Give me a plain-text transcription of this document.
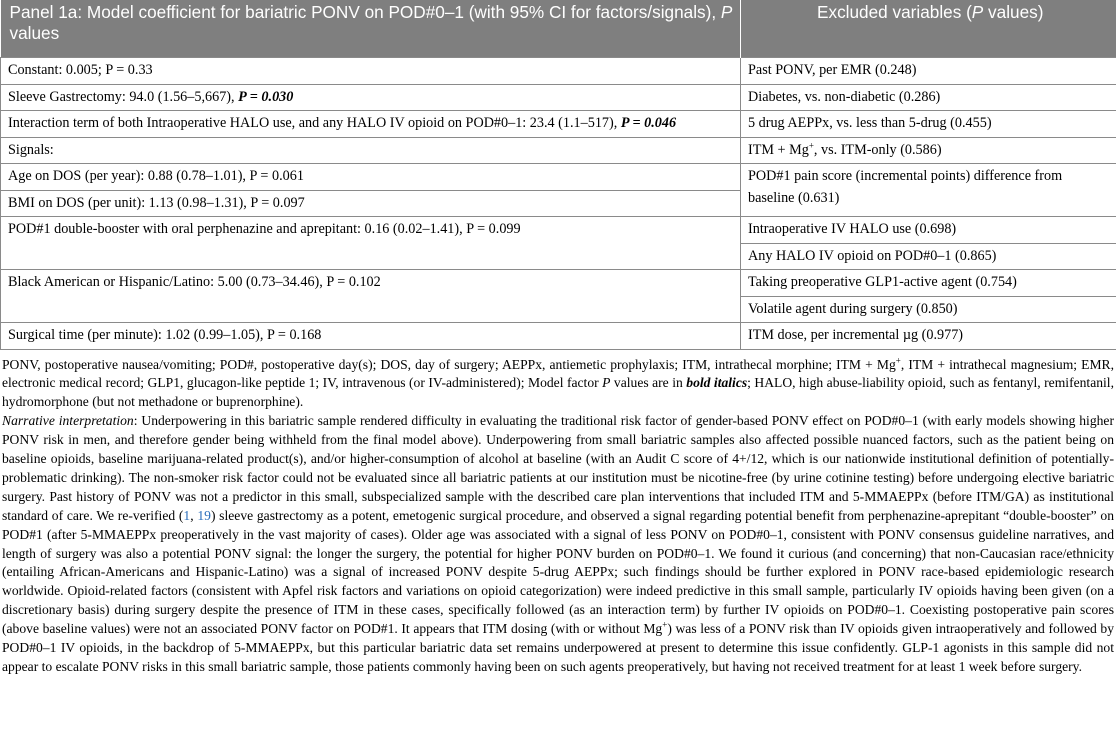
Panel 1a: Model coefficient for bariatric PONV on POD#0–1 (with 95% CI for factors/signals), P values	Excluded variables (P values)
Constant: 0.005; P = 0.33	Past PONV, per EMR (0.248)
Sleeve Gastrectomy: 94.0 (1.56–5,667), P = 0.030	Diabetes, vs. non-diabetic (0.286)
Interaction term of both Intraoperative HALO use, and any HALO IV opioid on POD#0–1: 23.4 (1.1–517), P = 0.046	5 drug AEPPx, vs. less than 5-drug (0.455)
Signals:	ITM + Mg+, vs. ITM-only (0.586)
Age on DOS (per year): 0.88 (0.78–1.01), P = 0.061	POD#1 pain score (incremental points) difference from baseline (0.631)
BMI on DOS (per unit): 1.13 (0.98–1.31), P = 0.097	
POD#1 double-booster with oral perphenazine and aprepitant: 0.16 (0.02–1.41), P = 0.099	Intraoperative IV HALO use (0.698)
	Any HALO IV opioid on POD#0–1 (0.865)
Black American or Hispanic/Latino: 5.00 (0.73–34.46), P = 0.102	Taking preoperative GLP1-active agent (0.754)
	Volatile agent during surgery (0.850)
Surgical time (per minute): 1.02 (0.99–1.05), P = 0.168	ITM dose, per incremental µg (0.977)

PONV, postoperative nausea/vomiting; POD#, postoperative day(s); DOS, day of surgery; AEPPx, antiemetic prophylaxis; ITM, intrathecal morphine; ITM + Mg+, ITM + intrathecal magnesium; EMR, electronic medical record; GLP1, glucagon-like peptide 1; IV, intravenous (or IV-administered); Model factor P values are in bold italics; HALO, high abuse-liability opioid, such as fentanyl, remifentanil, hydromorphone (but not methadone or buprenorphine).

Narrative interpretation: Underpowering in this bariatric sample rendered difficulty in evaluating the traditional risk factor of gender-based PONV effect on POD#0–1 (with early models showing higher PONV risk in men, and therefore gender being withheld from the final model above). Underpowering from small bariatric samples also affected possible nuanced factors, such as the patient being on baseline opioids, baseline marijuana-related product(s), and/or higher-consumption of alcohol at baseline (with an Audit C score of 4+/12, which is our nationwide institutional definition of potentially-problematic drinking). The non-smoker risk factor could not be evaluated since all bariatric patients at our institution must be nicotine-free (by urine cotinine testing) before undergoing elective bariatric surgery. Past history of PONV was not a predictor in this small, subspecialized sample with the described care plan interventions that included ITM and 5-MMAEPPx (before ITM/GA) as institutional standard of care. We re-verified (1, 19) sleeve gastrectomy as a potent, emetogenic surgical procedure, and observed a signal regarding potential benefit from perphenazine-aprepitant “double-booster” on POD#1 (after 5-MMAEPPx preoperatively in the vast majority of cases). Older age was associated with a signal of less PONV on POD#0–1, consistent with PONV consensus guideline narratives, and length of surgery was also a potential PONV signal: the longer the surgery, the potential for higher PONV burden on POD#0–1. We found it curious (and concerning) that non-Caucasian race/ethnicity (entailing African-Americans and Hispanic-Latino) was a signal of increased PONV despite 5-drug AEPPx; such findings should be further explored in PONV race-based epidemiologic research worldwide. Opioid-related factors (consistent with Apfel risk factors and variations on opioid categorization) were indeed predictive in this small sample, particularly IV opioids having been given (on a discretionary basis) during surgery despite the presence of ITM in these cases, specifically followed (as an interaction term) by further IV opioids on POD#0–1. Coexisting postoperative pain scores (above baseline values) were not an associated PONV factor on POD#1. It appears that ITM dosing (with or without Mg+) was less of a PONV risk than IV opioids given intraoperatively and followed by POD#0–1 IV opioids, in the backdrop of 5-MMAEPPx, but this particular bariatric data set remains underpowered at present to determine this issue confidently. GLP-1 agonists in this sample did not appear to escalate PONV risks in this small bariatric sample, those patients commonly having been on such agents preoperatively, but having not received treatment for at least 1 week before surgery.
